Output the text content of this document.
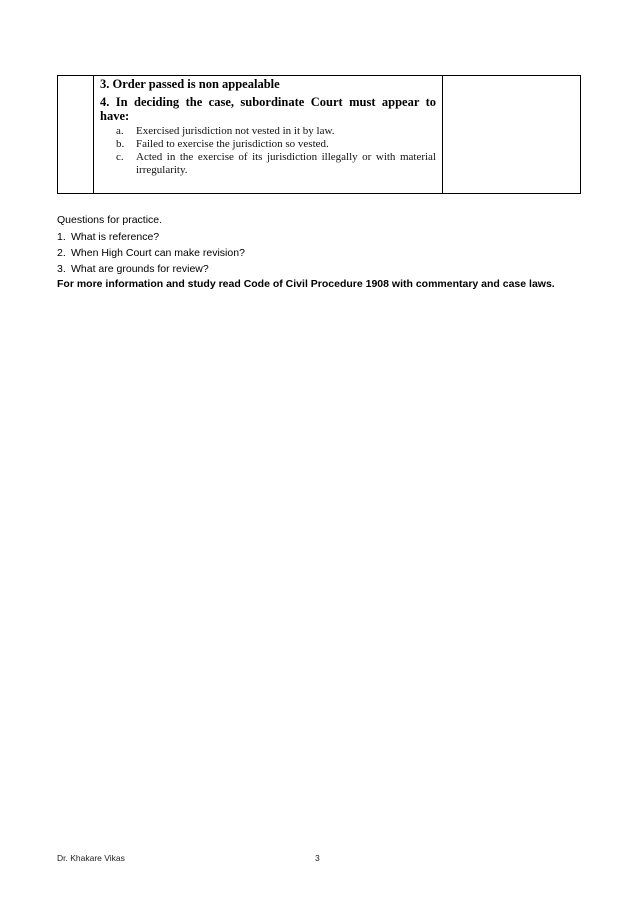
3. Order passed is non appealable
4. In deciding the case, subordinate Court must appear to have:
a.	Exercised jurisdiction not vested in it by law.
b.	Failed to exercise the jurisdiction so vested.
c.	Acted in the exercise of its jurisdiction illegally or with material irregularity.
Questions for practice.
1. What is reference?
2. When High Court can make revision?
3. What are grounds for review?
For more information and study read Code of Civil Procedure 1908 with commentary and case laws.
Dr. Khakare Vikas	3
